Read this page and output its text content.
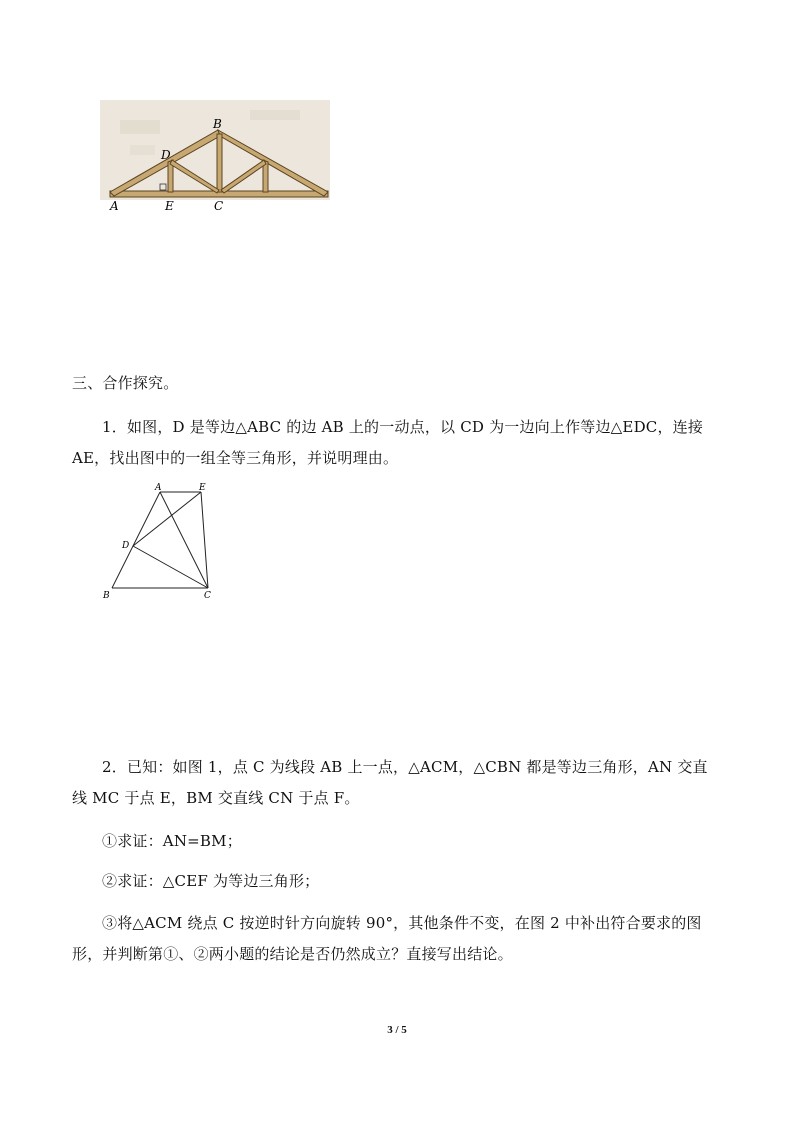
B
D
A	E	C

三、合作探究。

1．如图，D 是等边△ABC 的边 AB 上的一动点，以 CD 为一边向上作等边△EDC，连接 AE，找出图中的一组全等三角形，并说明理由。

A	E
D
B	C

2．已知：如图 1，点 C 为线段 AB 上一点，△ACM，△CBN 都是等边三角形，AN 交直线 MC 于点 E，BM 交直线 CN 于点 F。

①求证：AN=BM；

②求证：△CEF 为等边三角形；

③将△ACM 绕点 C 按逆时针方向旋转 90°，其他条件不变，在图 2 中补出符合要求的图形，并判断第①、②两小题的结论是否仍然成立？直接写出结论。

3 / 5
